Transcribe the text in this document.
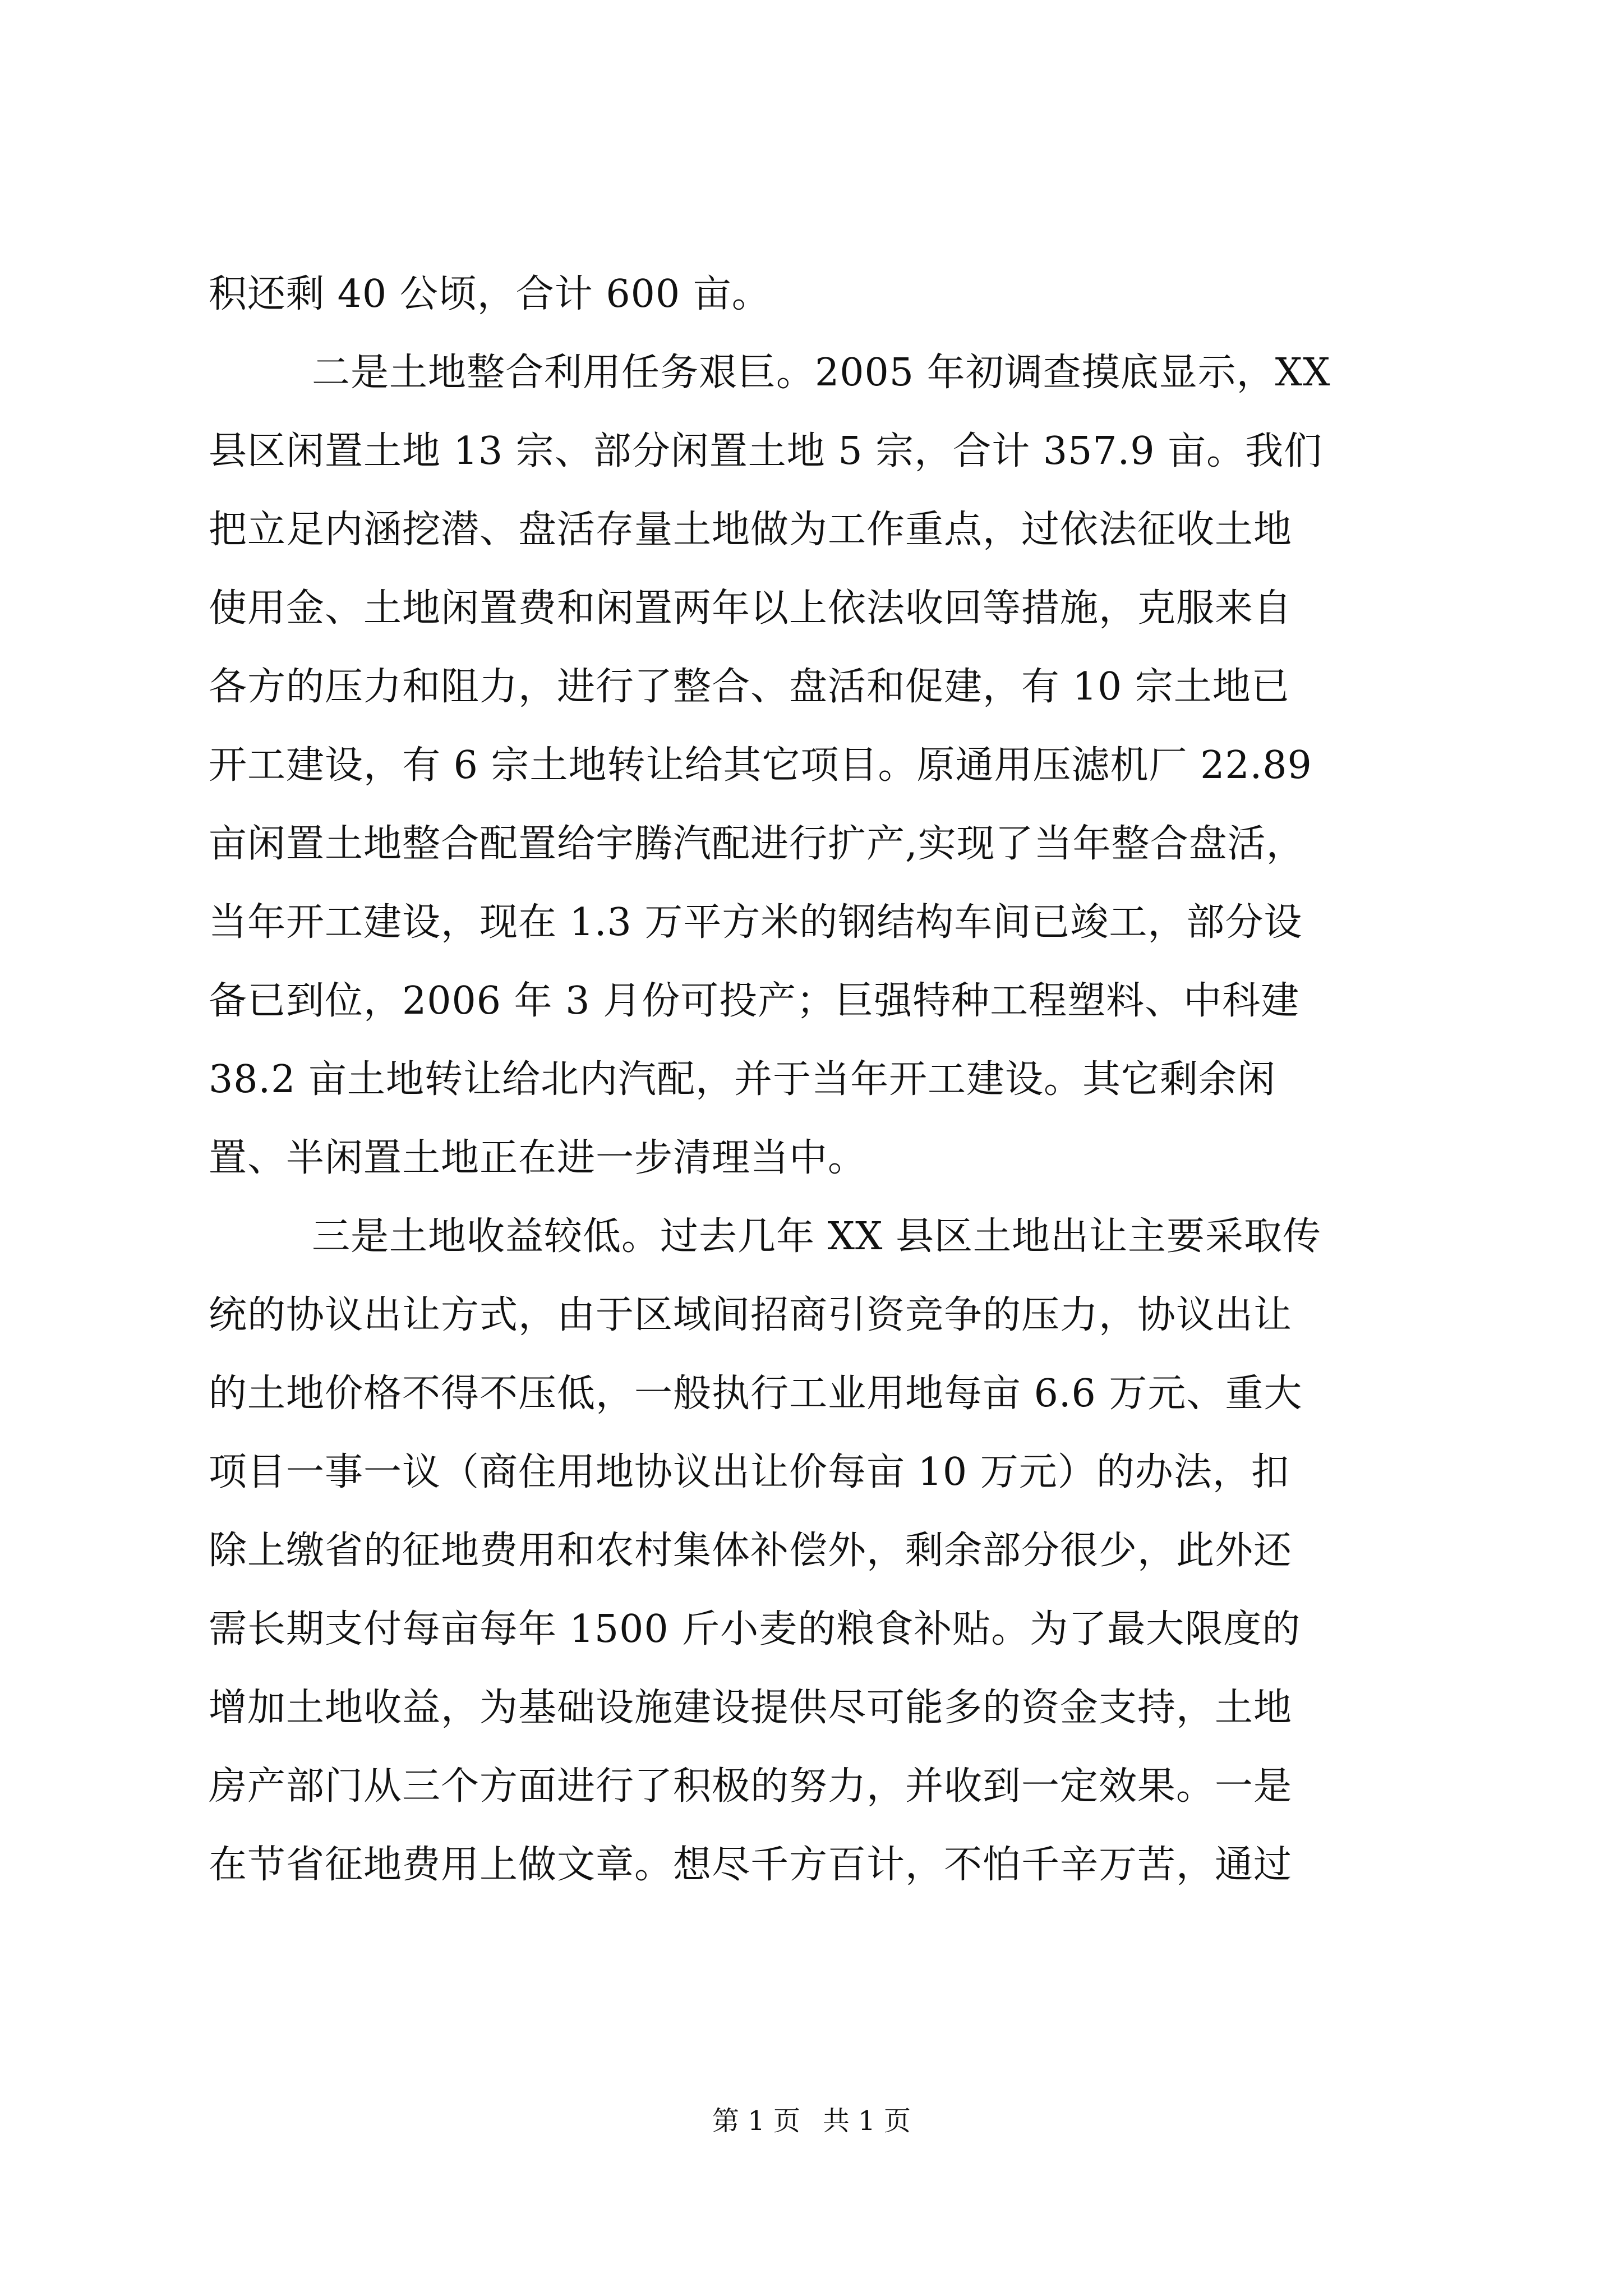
积还剩 40 公顷，合计 600 亩。
二是土地整合利用任务艰巨。2005 年初调查摸底显示，XX
县区闲置土地 13 宗、部分闲置土地 5 宗，合计 357.9 亩。我们
把立足内涵挖潜、盘活存量土地做为工作重点，过依法征收土地
使用金、土地闲置费和闲置两年以上依法收回等措施，克服来自
各方的压力和阻力，进行了整合、盘活和促建，有 10 宗土地已
开工建设，有 6 宗土地转让给其它项目。原通用压滤机厂 22.89
亩闲置土地整合配置给宇腾汽配进行扩产,实现了当年整合盘活，
当年开工建设，现在 1.3 万平方米的钢结构车间已竣工，部分设
备已到位，2006 年 3 月份可投产；巨强特种工程塑料、中科建
38.2 亩土地转让给北内汽配，并于当年开工建设。其它剩余闲
置、半闲置土地正在进一步清理当中。
三是土地收益较低。过去几年 XX 县区土地出让主要采取传
统的协议出让方式，由于区域间招商引资竞争的压力，协议出让
的土地价格不得不压低，一般执行工业用地每亩 6.6 万元、重大
项目一事一议（商住用地协议出让价每亩 10 万元）的办法，扣
除上缴省的征地费用和农村集体补偿外，剩余部分很少，此外还
需长期支付每亩每年 1500 斤小麦的粮食补贴。为了最大限度的
增加土地收益，为基础设施建设提供尽可能多的资金支持，土地
房产部门从三个方面进行了积极的努力，并收到一定效果。一是
在节省征地费用上做文章。想尽千方百计，不怕千辛万苦，通过
第 1 页 共 1 页
